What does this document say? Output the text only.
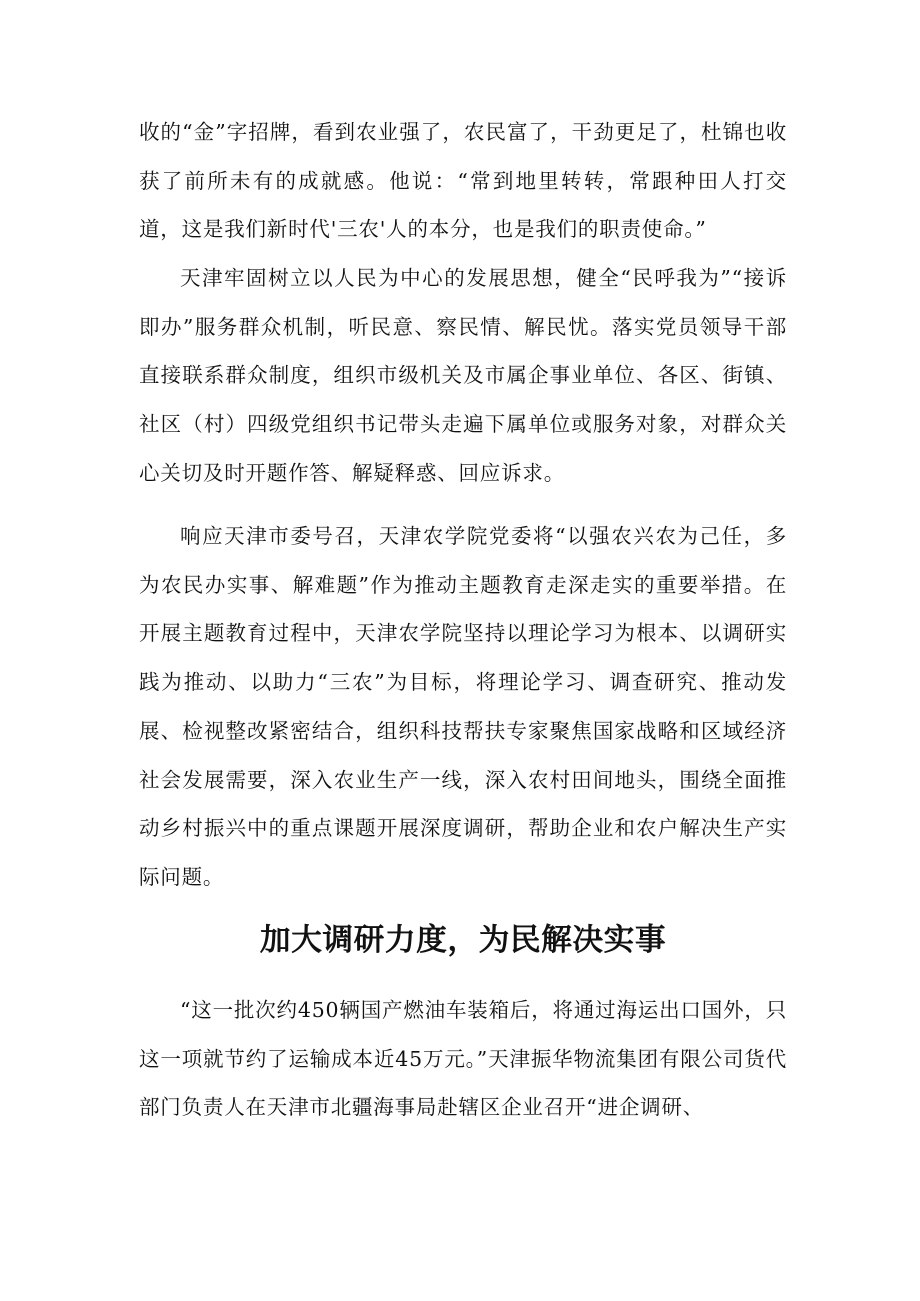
收的“金”字招牌，看到农业强了，农民富了，干劲更足了，杜锦也收获了前所未有的成就感。他说：“常到地里转转，常跟种田人打交道，这是我们新时代'三农'人的本分，也是我们的职责使命。”

天津牢固树立以人民为中心的发展思想，健全“民呼我为”“接诉即办”服务群众机制，听民意、察民情、解民忧。落实党员领导干部直接联系群众制度，组织市级机关及市属企事业单位、各区、街镇、社区（村）四级党组织书记带头走遍下属单位或服务对象，对群众关心关切及时开题作答、解疑释惑、回应诉求。

响应天津市委号召，天津农学院党委将“以强农兴农为己任，多为农民办实事、解难题”作为推动主题教育走深走实的重要举措。在开展主题教育过程中，天津农学院坚持以理论学习为根本、以调研实践为推动、以助力“三农”为目标，将理论学习、调查研究、推动发展、检视整改紧密结合，组织科技帮扶专家聚焦国家战略和区域经济社会发展需要，深入农业生产一线，深入农村田间地头，围绕全面推动乡村振兴中的重点课题开展深度调研，帮助企业和农户解决生产实际问题。

加大调研力度，为民解决实事

“这一批次约450辆国产燃油车装箱后，将通过海运出口国外，只这一项就节约了运输成本近45万元。”天津振华物流集团有限公司货代部门负责人在天津市北疆海事局赴辖区企业召开“进企调研、
